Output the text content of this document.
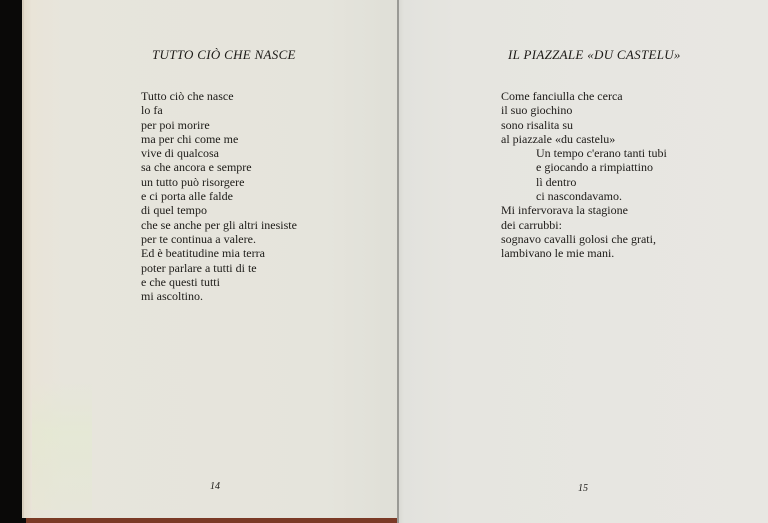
TUTTO CIÒ CHE NASCE
Tutto ciò che nasce
lo fa
per poi morire
ma per chi come me
vive di qualcosa
sa che ancora e sempre
un tutto può risorgere
e ci porta alle falde
di quel tempo
che se anche per gli altri inesiste
per te continua a valere.
Ed è beatitudine mia terra
poter parlare a tutti di te
e che questi tutti
mi ascoltino.
14
IL PIAZZALE «DU CASTELU»
Come fanciulla che cerca
il suo giochino
sono risalita su
al piazzale «du castelu»
Un tempo c'erano tanti tubi
e giocando a rimpiattino
lì dentro
ci nascondavamo.
Mi infervorava la stagione
dei carrubbi:
sognavo cavalli golosi che grati,
lambivano le mie mani.
15
